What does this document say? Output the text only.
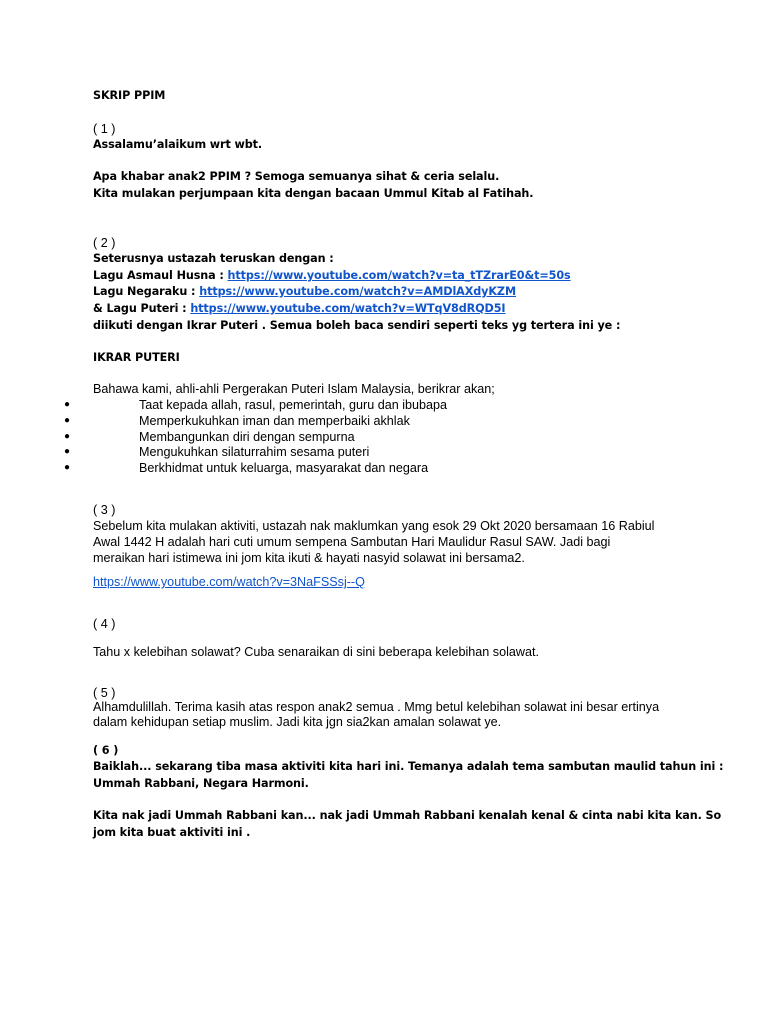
SKRIP PPIM
( 1 )
Assalamu’alaikum wrt wbt.
Apa khabar anak2 PPIM ? Semoga semuanya sihat & ceria selalu.
Kita mulakan perjumpaan kita dengan bacaan Ummul Kitab al Fatihah.
( 2 )
Seterusnya ustazah teruskan dengan :
Lagu Asmaul Husna : https://www.youtube.com/watch?v=ta_tTZrarE0&t=50s
Lagu Negaraku : https://www.youtube.com/watch?v=AMDlAXdyKZM
& Lagu Puteri : https://www.youtube.com/watch?v=WTqV8dRQD5I
diikuti dengan Ikrar Puteri . Semua boleh baca sendiri seperti teks yg tertera ini ye :
IKRAR PUTERI
Bahawa kami, ahli-ahli Pergerakan Puteri Islam Malaysia, berikrar akan;
●	Taat kepada allah, rasul, pemerintah, guru dan ibubapa
●	Memperkukuhkan iman dan memperbaiki akhlak
●	Membangunkan diri dengan sempurna
●	Mengukuhkan silaturrahim sesama puteri
●	Berkhidmat untuk keluarga, masyarakat dan negara
( 3 )
Sebelum kita mulakan aktiviti, ustazah nak maklumkan yang esok 29 Okt 2020 bersamaan 16 Rabiul
Awal 1442 H adalah hari cuti umum sempena Sambutan Hari Maulidur Rasul SAW. Jadi bagi
meraikan hari istimewa ini jom kita ikuti & hayati nasyid solawat ini bersama2.
https://www.youtube.com/watch?v=3NaFSSsj--Q
( 4 )
Tahu x kelebihan solawat? Cuba senaraikan di sini beberapa kelebihan solawat.
( 5 )
Alhamdulillah. Terima kasih atas respon anak2 semua . Mmg betul kelebihan solawat ini besar ertinya
dalam kehidupan setiap muslim. Jadi kita jgn sia2kan amalan solawat ye.
( 6 )
Baiklah... sekarang tiba masa aktiviti kita hari ini. Temanya adalah tema sambutan maulid tahun ini :
Ummah Rabbani, Negara Harmoni.
Kita nak jadi Ummah Rabbani kan... nak jadi Ummah Rabbani kenalah kenal & cinta nabi kita kan. So
jom kita buat aktiviti ini .
